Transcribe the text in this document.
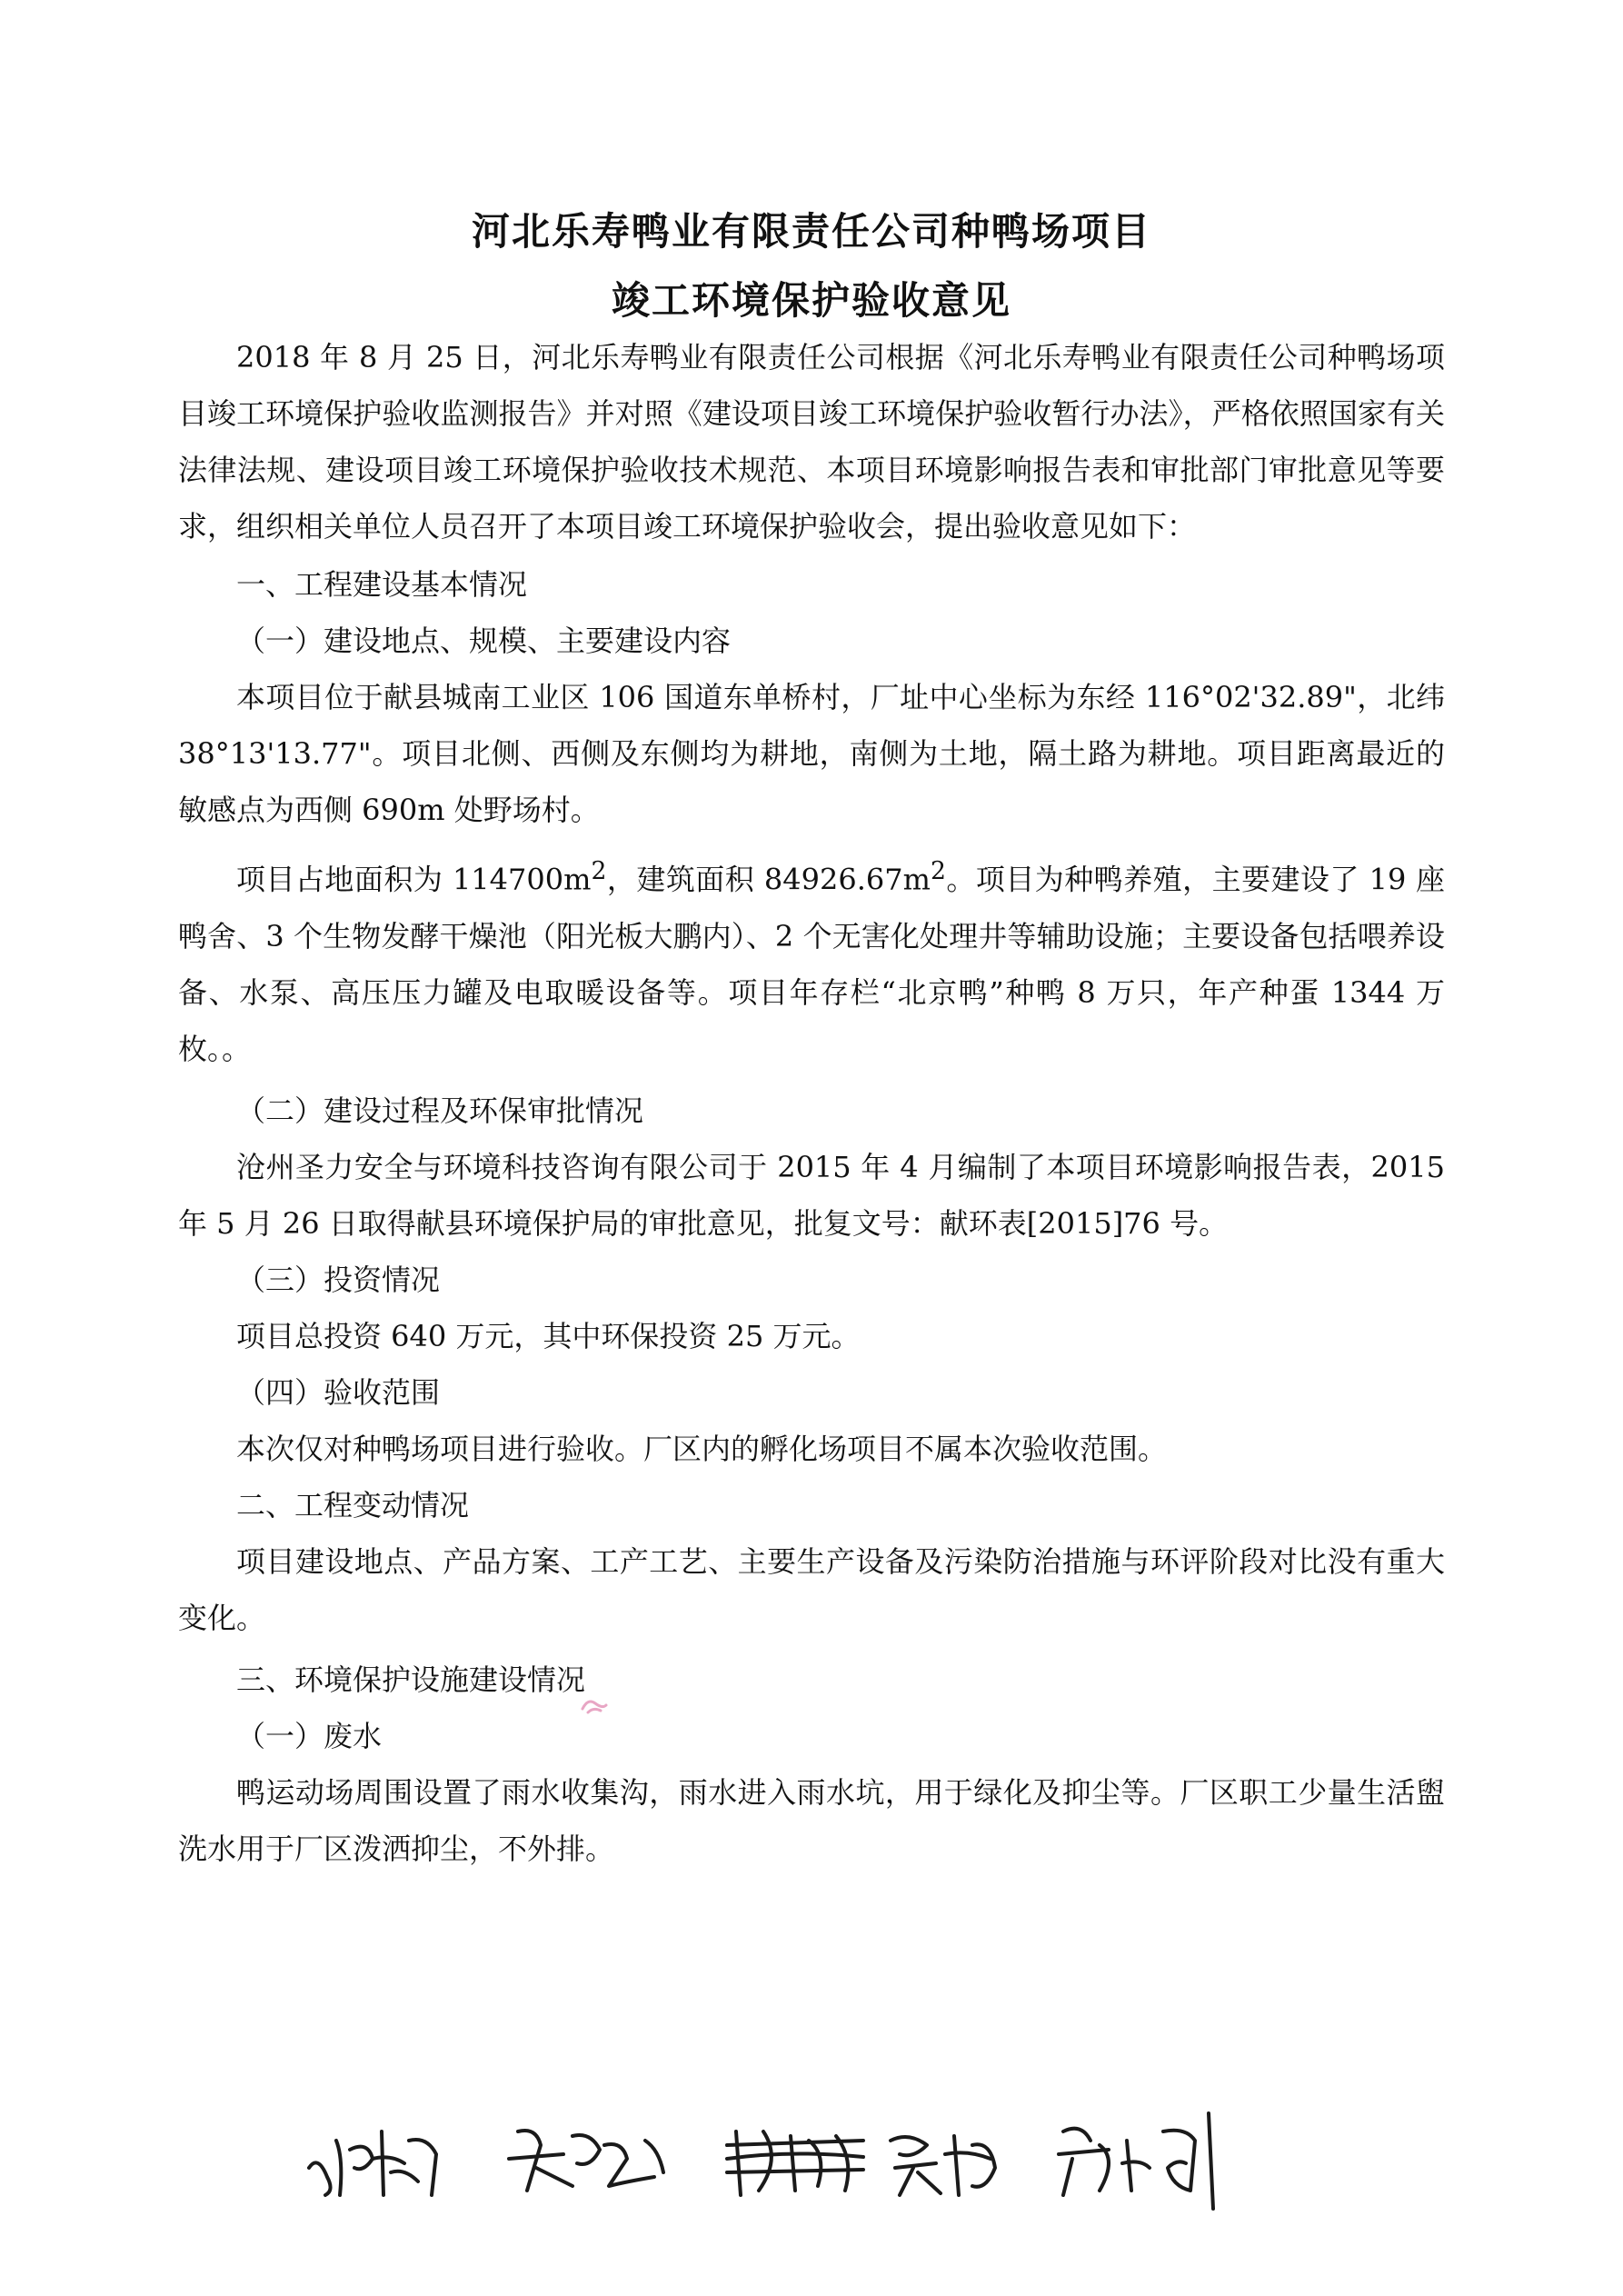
河北乐寿鸭业有限责任公司种鸭场项目
竣工环境保护验收意见

2018 年 8 月 25 日，河北乐寿鸭业有限责任公司根据《河北乐寿鸭业有限责任公司种鸭场项目竣工环境保护验收监测报告》并对照《建设项目竣工环境保护验收暂行办法》，严格依照国家有关法律法规、建设项目竣工环境保护验收技术规范、本项目环境影响报告表和审批部门审批意见等要求，组织相关单位人员召开了本项目竣工环境保护验收会，提出验收意见如下：

一、工程建设基本情况

（一）建设地点、规模、主要建设内容

本项目位于献县城南工业区 106 国道东单桥村，厂址中心坐标为东经 116°02'32.89"，北纬 38°13'13.77"。项目北侧、西侧及东侧均为耕地，南侧为土地，隔土路为耕地。项目距离最近的敏感点为西侧 690m 处野场村。

项目占地面积为 $114700m^2$，建筑面积 $84926.67m^2$。项目为种鸭养殖，主要建设了 19 座鸭舍、3 个生物发酵干燥池（阳光板大鹏内）、2 个无害化处理井等辅助设施；主要设备包括喂养设备、水泵、高压压力罐及电取暖设备等。项目年存栏“北京鸭”种鸭 8 万只，年产种蛋 1344 万枚。。

（二）建设过程及环保审批情况

沧州圣力安全与环境科技咨询有限公司于 2015 年 4 月编制了本项目环境影响报告表，2015 年 5 月 26 日取得献县环境保护局的审批意见，批复文号：献环表[2015]76 号。

（三）投资情况

项目总投资 640 万元，其中环保投资 25 万元。

（四）验收范围

本次仅对种鸭场项目进行验收。厂区内的孵化场项目不属本次验收范围。

二、工程变动情况

项目建设地点、产品方案、工产工艺、主要生产设备及污染防治措施与环评阶段对比没有重大变化。

三、环境保护设施建设情况

（一）废水

鸭运动场周围设置了雨水收集沟，雨水进入雨水坑，用于绿化及抑尘等。厂区职工少量生活盥洗水用于厂区泼洒抑尘，不外排。
